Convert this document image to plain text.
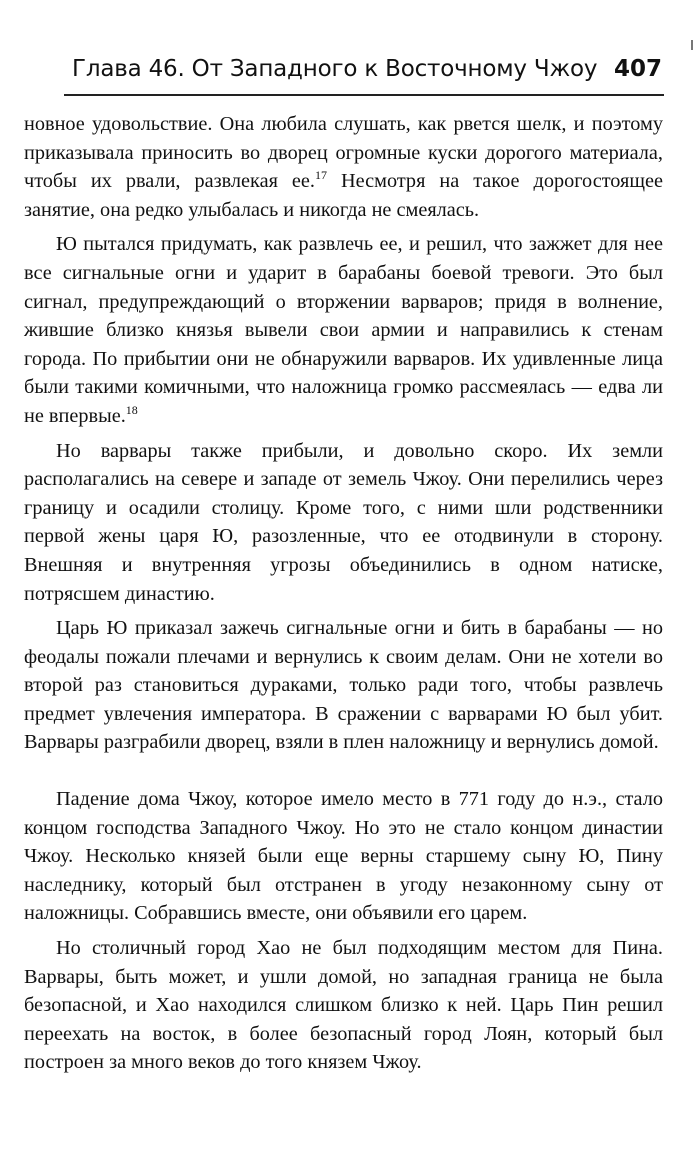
Глава 46. От Западного к Восточному Чжоу 407

новное удовольствие. Она любила слушать, как рвется шелк, и поэтому приказывала приносить во дворец огромные куски дорогого материала, чтобы их рвали, развлекая ее.$^{17}$ Несмотря на такое дорогостоящее занятие, она редко улыбалась и никогда не смеялась.

Ю пытался придумать, как развлечь ее, и решил, что зажжет для нее все сигнальные огни и ударит в барабаны боевой тревоги. Это был сигнал, предупреждающий о вторжении варваров; придя в волнение, жившие близко князья вывели свои армии и направились к стенам города. По прибытии они не обнаружили варваров. Их удивленные лица были такими комичными, что наложница громко рассмеялась — едва ли не впервые.$^{18}$

Но варвары также прибыли, и довольно скоро. Их земли располагались на севере и западе от земель Чжоу. Они перелились через границу и осадили столицу. Кроме того, с ними шли родственники первой жены царя Ю, разозленные, что ее отодвинули в сторону. Внешняя и внутренняя угрозы объединились в одном натиске, потрясшем династию.

Царь Ю приказал зажечь сигнальные огни и бить в барабаны — но феодалы пожали плечами и вернулись к своим делам. Они не хотели во второй раз становиться дураками, только ради того, чтобы развлечь предмет увлечения императора. В сражении с варварами Ю был убит. Варвары разграбили дворец, взяли в плен наложницу и вернулись домой.

Падение дома Чжоу, которое имело место в 771 году до н.э., стало концом господства Западного Чжоу. Но это не стало концом династии Чжоу. Несколько князей были еще верны старшему сыну Ю, Пину наследнику, который был отстранен в угоду незаконному сыну от наложницы. Собравшись вместе, они объявили его царем.

Но столичный город Хао не был подходящим местом для Пина. Варвары, быть может, и ушли домой, но западная граница не была безопасной, и Хао находился слишком близко к ней. Царь Пин решил переехать на восток, в более безопасный город Лоян, который был построен за много веков до того князем Чжоу.
